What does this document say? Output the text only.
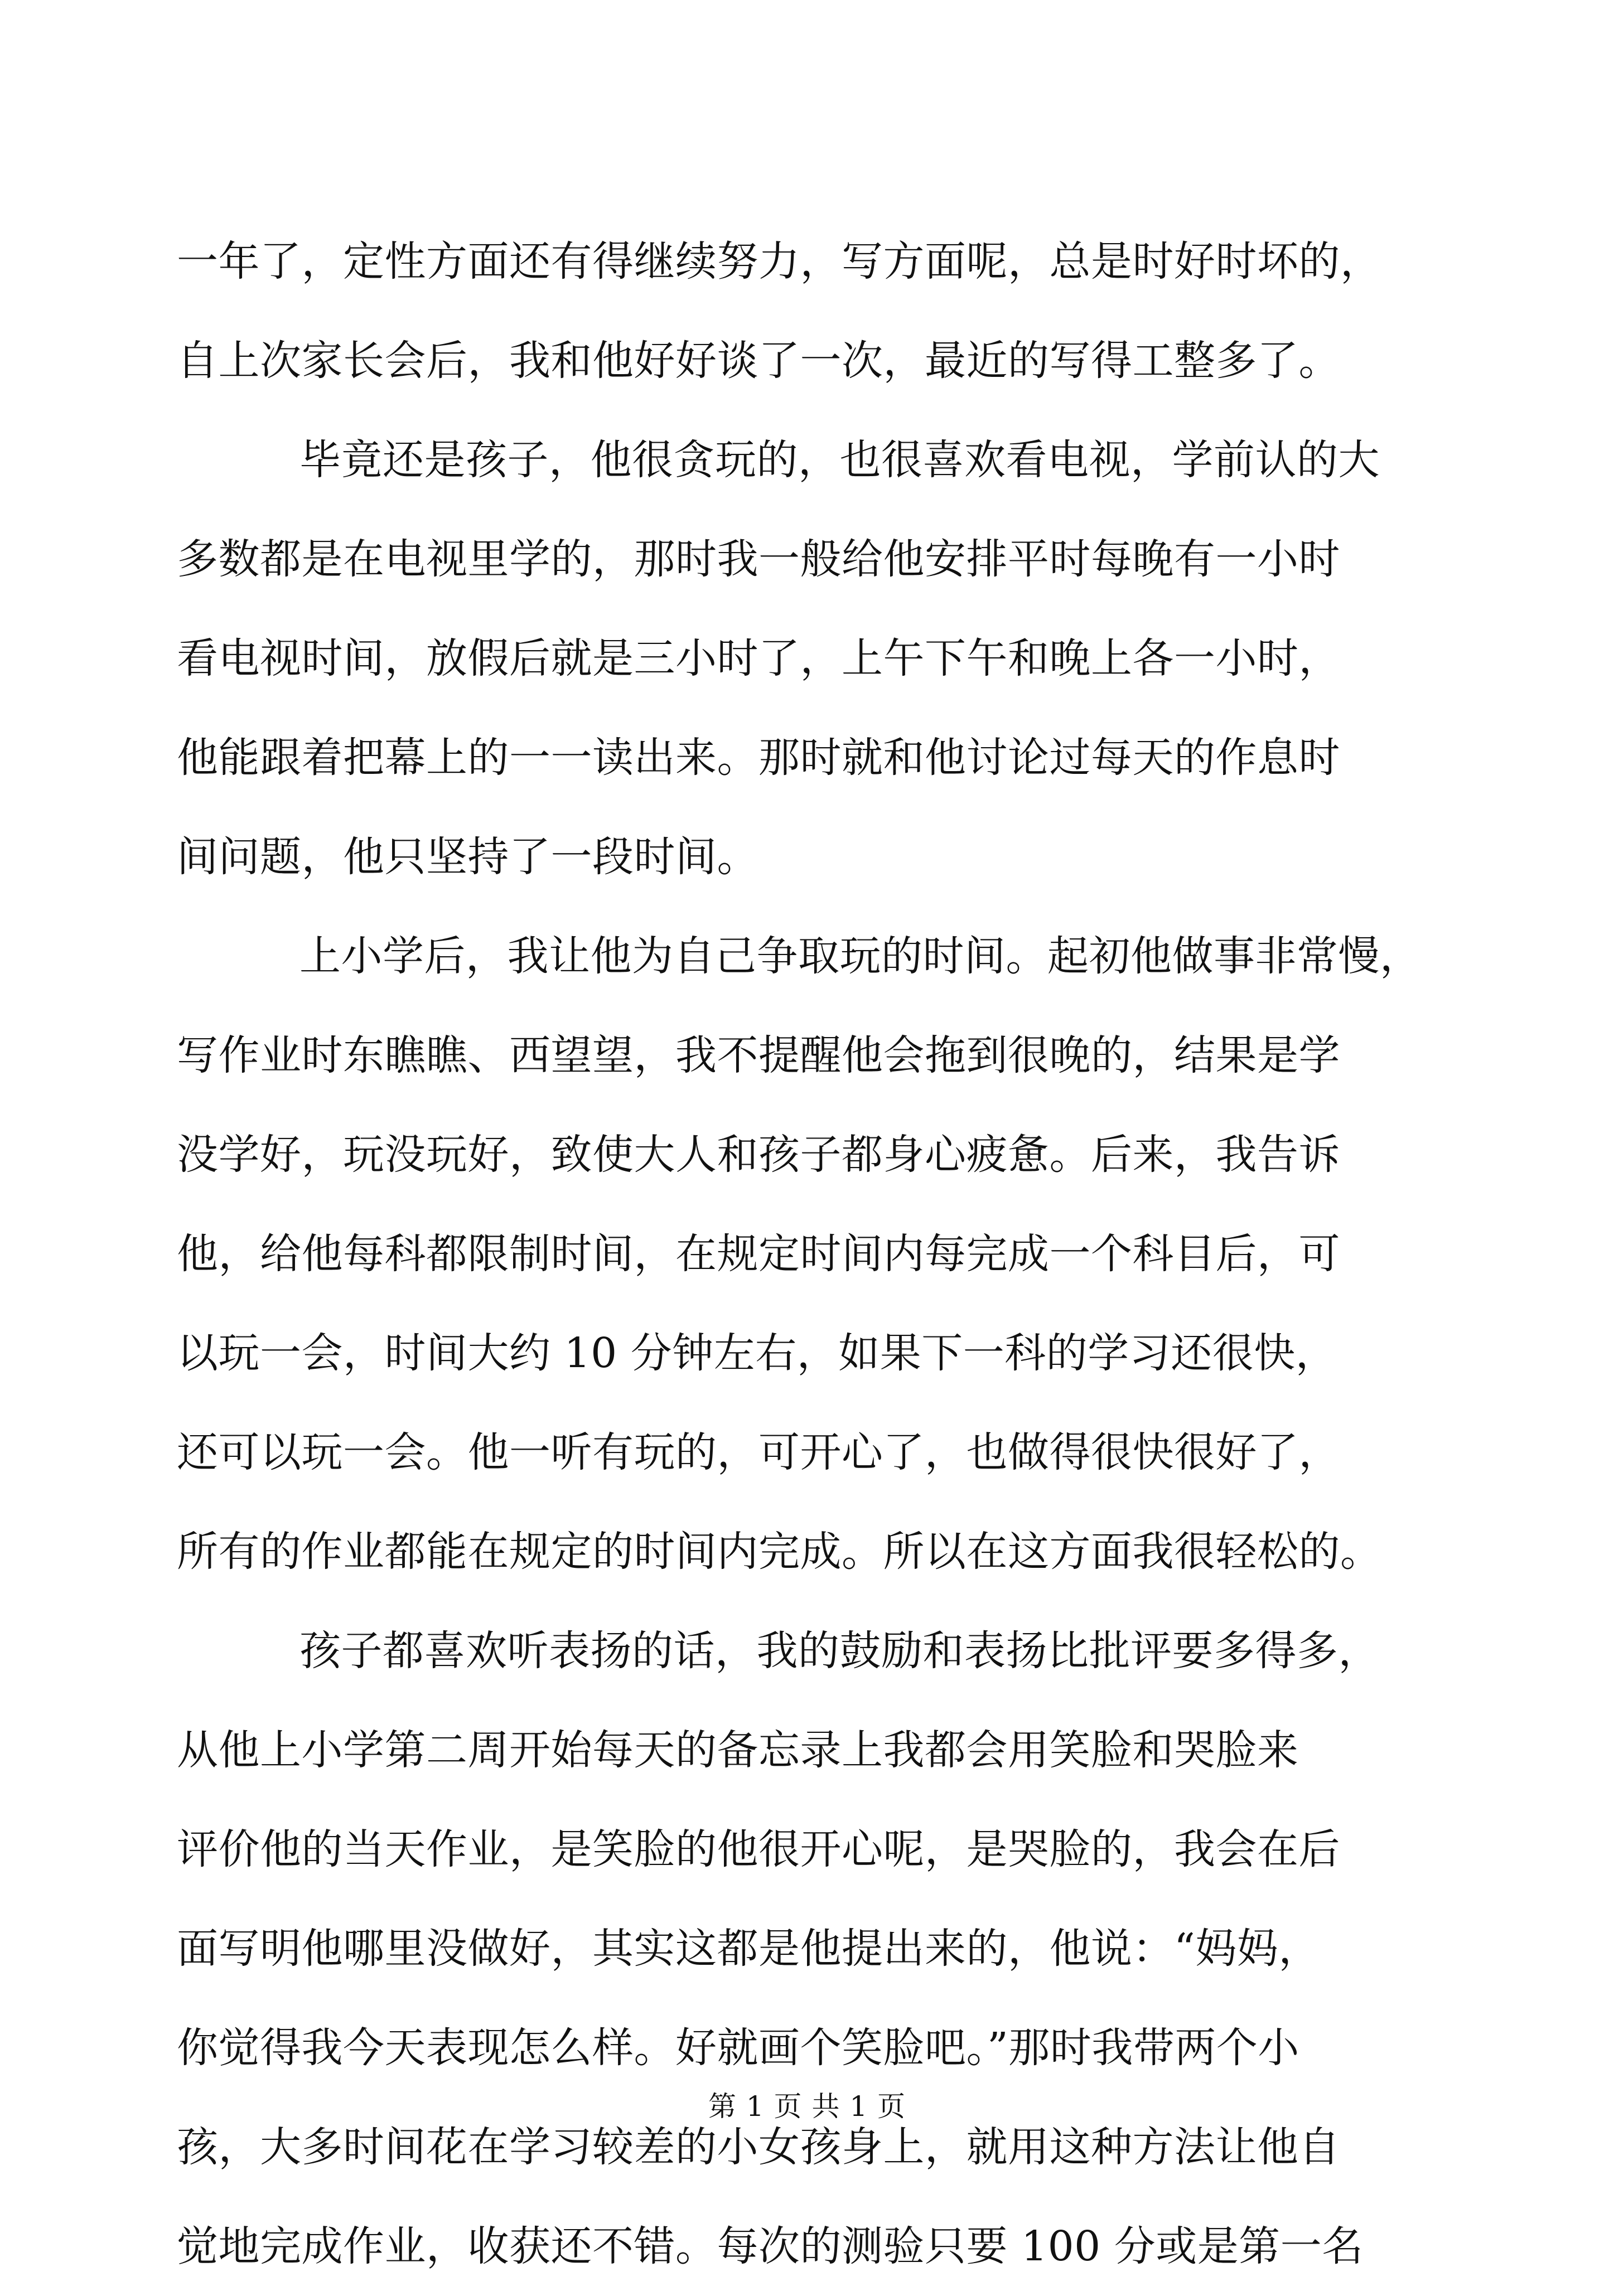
一年了，定性方面还有得继续努力，写方面呢，总是时好时坏的，
自上次家长会后，我和他好好谈了一次，最近的写得工整多了。
毕竟还是孩子，他很贪玩的，也很喜欢看电视，学前认的大
多数都是在电视里学的，那时我一般给他安排平时每晚有一小时
看电视时间，放假后就是三小时了，上午下午和晚上各一小时，
他能跟着把幕上的一一读出来。那时就和他讨论过每天的作息时
间问题，他只坚持了一段时间。
上小学后，我让他为自己争取玩的时间。起初他做事非常慢，
写作业时东瞧瞧、西望望，我不提醒他会拖到很晚的，结果是学
没学好，玩没玩好，致使大人和孩子都身心疲惫。后来，我告诉
他，给他每科都限制时间，在规定时间内每完成一个科目后，可
以玩一会，时间大约 10 分钟左右，如果下一科的学习还很快，
还可以玩一会。他一听有玩的，可开心了，也做得很快很好了，
所有的作业都能在规定的时间内完成。所以在这方面我很轻松的。
孩子都喜欢听表扬的话，我的鼓励和表扬比批评要多得多，
从他上小学第二周开始每天的备忘录上我都会用笑脸和哭脸来
评价他的当天作业，是笑脸的他很开心呢，是哭脸的，我会在后
面写明他哪里没做好，其实这都是他提出来的，他说：“妈妈，
你觉得我今天表现怎么样。好就画个笑脸吧。”那时我带两个小
孩，大多时间花在学习较差的小女孩身上，就用这种方法让他自
觉地完成作业，收获还不错。每次的测验只要 100 分或是第一名
第 1 页 共 1 页
